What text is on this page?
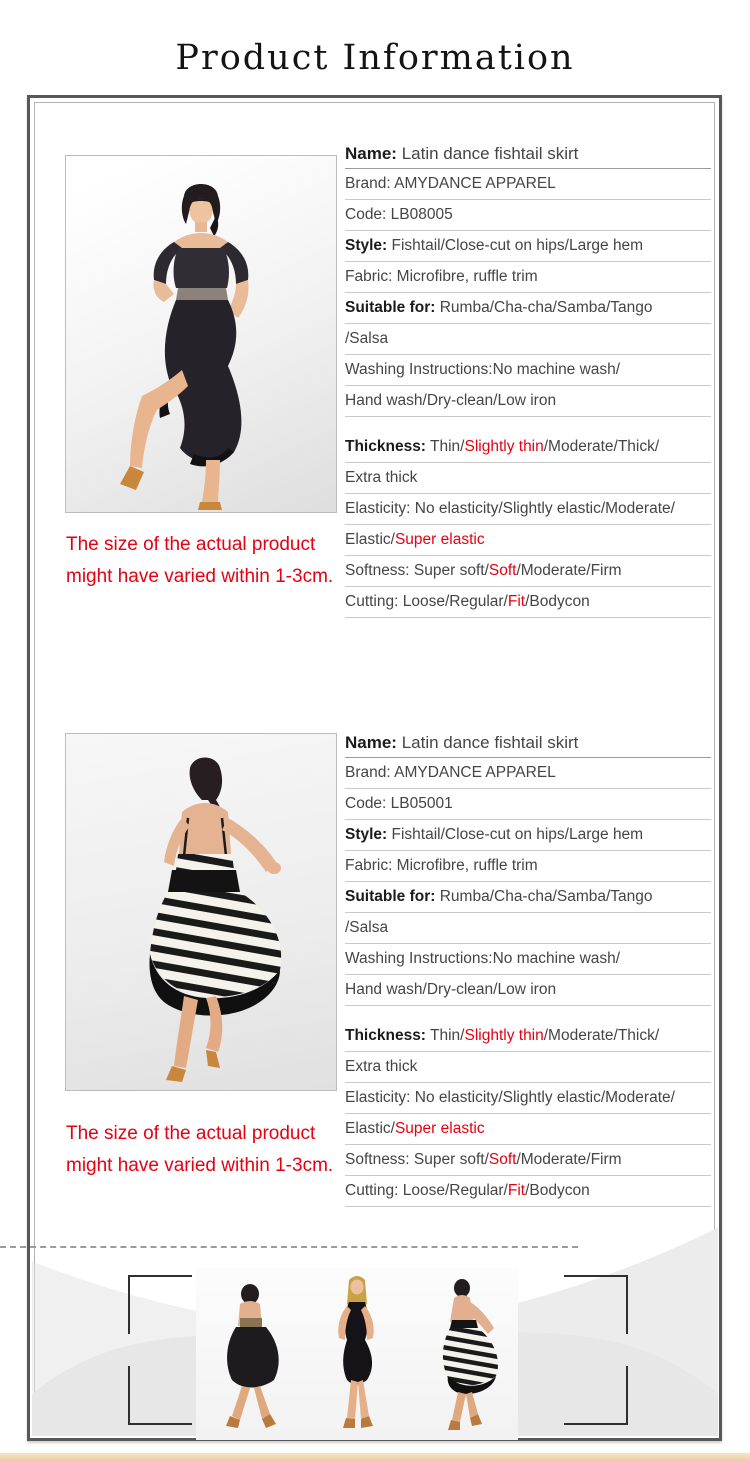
Product Information
Name: Latin dance fishtail skirt
Brand: AMYDANCE APPAREL
Code: LB08005
Style: Fishtail/Close-cut on hips/Large hem
Fabric: Microfibre, ruffle trim
Suitable for: Rumba/Cha-cha/Samba/Tango
/Salsa
Washing Instructions:No machine wash/
Hand wash/Dry-clean/Low iron
Thickness: Thin/Slightly thin/Moderate/Thick/
Extra thick
Elasticity: No elasticity/Slightly elastic/Moderate/
Elastic/Super elastic
Softness: Super soft/Soft/Moderate/Firm
Cutting: Loose/Regular/Fit/Bodycon
The size of the actual product
might have varied within 1-3cm.
Name: Latin dance fishtail skirt
Brand: AMYDANCE APPAREL
Code: LB05001
Style: Fishtail/Close-cut on hips/Large hem
Fabric: Microfibre, ruffle trim
Suitable for: Rumba/Cha-cha/Samba/Tango
/Salsa
Washing Instructions:No machine wash/
Hand wash/Dry-clean/Low iron
Thickness: Thin/Slightly thin/Moderate/Thick/
Extra thick
Elasticity: No elasticity/Slightly elastic/Moderate/
Elastic/Super elastic
Softness: Super soft/Soft/Moderate/Firm
Cutting: Loose/Regular/Fit/Bodycon
The size of the actual product
might have varied within 1-3cm.
